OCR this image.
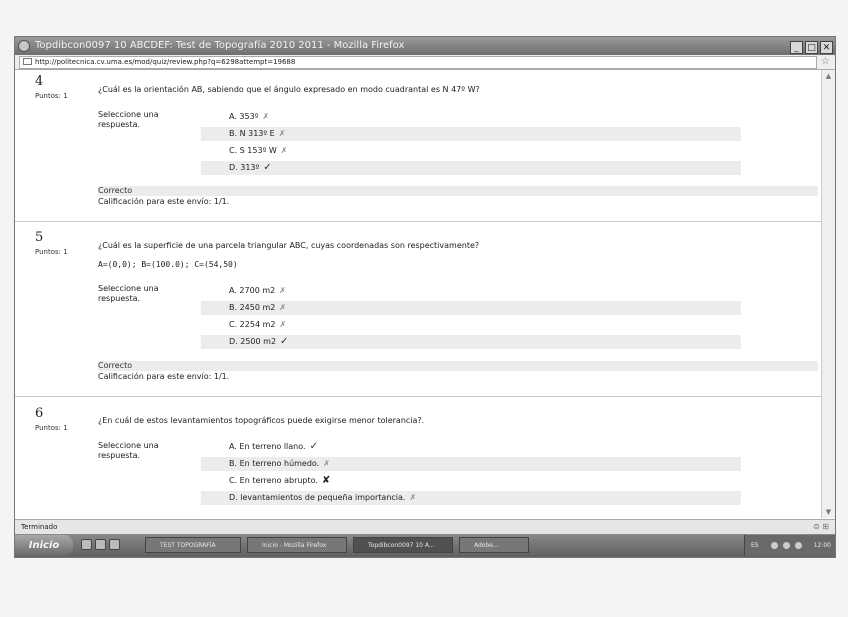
Topdibcon0097 10 ABCDEF: Test de Topografía 2010 2011 - Mozilla Firefox	_ □ ✕
http://politecnica.cv.uma.es/mod/quiz/review.php?q=6298attempt=19688	☆
4
Puntos: 1
¿Cuál es la orientación AB, sabiendo que el ángulo expresado en modo cuadrantal es N 47º W?
Seleccione una respuesta.
A. 353º ✗
B. N 313º E ✗
C. S 153º W ✗
D. 313º ✓
Correcto
Calificación para este envío: 1/1.
5
Puntos: 1
¿Cuál es la superficie de una parcela triangular ABC, cuyas coordenadas son respectivamente?
A=(0,0); B=(100.0); C=(54,50)
Seleccione una respuesta.
A. 2700 m2 ✗
B. 2450 m2 ✗
C. 2254 m2 ✗
D. 2500 m2 ✓
Correcto
Calificación para este envío: 1/1.
6
Puntos: 1
¿En cuál de estos levantamientos topográficos puede exigirse menor tolerancia?.
Seleccione una respuesta.
A. En terreno llano. ✓
B. En terreno húmedo. ✗
C. En terreno abrupto. ✘
D. levantamientos de pequeña importancia. ✗
▲
▼
Terminado	⊜ ⊞
Inicio	TEST TOPOGRAFÍA	Inicio - Mozilla Firefox	Topdibcon0097 10 A...	Adobe...	ES	12:00
